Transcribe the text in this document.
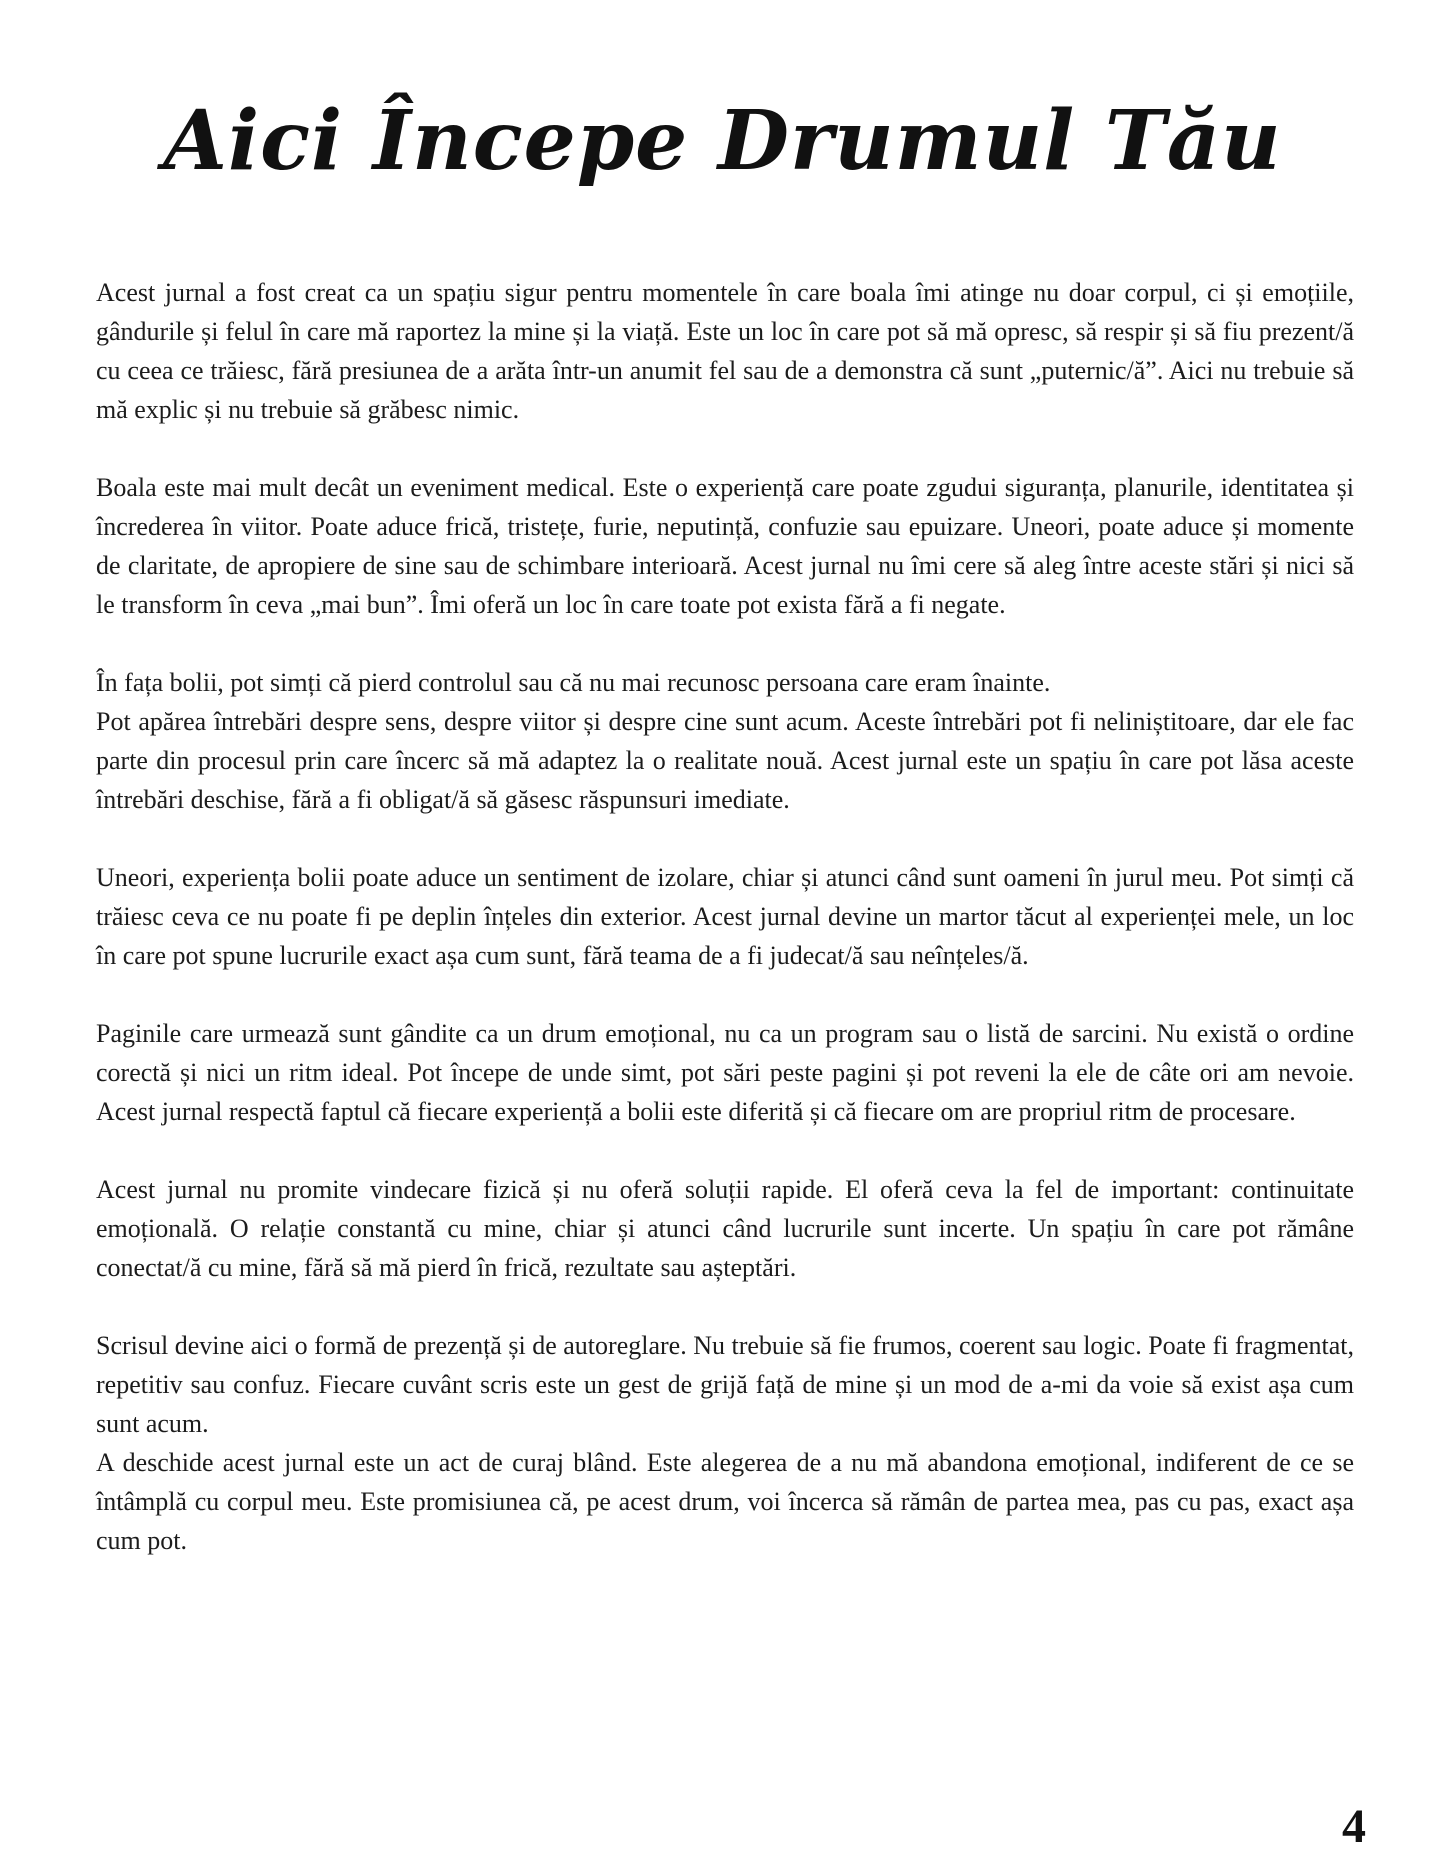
Aici Începe Drumul Tău

Acest jurnal a fost creat ca un spațiu sigur pentru momentele în care boala îmi atinge nu doar corpul, ci și emoțiile, gândurile și felul în care mă raportez la mine și la viață. Este un loc în care pot să mă opresc, să respir și să fiu prezent/ă cu ceea ce trăiesc, fără presiunea de a arăta într-un anumit fel sau de a demonstra că sunt „puternic/ă”. Aici nu trebuie să mă explic și nu trebuie să grăbesc nimic.

Boala este mai mult decât un eveniment medical. Este o experiență care poate zgudui siguranța, planurile, identitatea și încrederea în viitor. Poate aduce frică, tristețe, furie, neputință, confuzie sau epuizare. Uneori, poate aduce și momente de claritate, de apropiere de sine sau de schimbare interioară. Acest jurnal nu îmi cere să aleg între aceste stări și nici să le transform în ceva „mai bun”. Îmi oferă un loc în care toate pot exista fără a fi negate.

În fața bolii, pot simți că pierd controlul sau că nu mai recunosc persoana care eram înainte.
Pot apărea întrebări despre sens, despre viitor și despre cine sunt acum. Aceste întrebări pot fi neliniștitoare, dar ele fac parte din procesul prin care încerc să mă adaptez la o realitate nouă. Acest jurnal este un spațiu în care pot lăsa aceste întrebări deschise, fără a fi obligat/ă să găsesc răspunsuri imediate.

Uneori, experiența bolii poate aduce un sentiment de izolare, chiar și atunci când sunt oameni în jurul meu. Pot simți că trăiesc ceva ce nu poate fi pe deplin înțeles din exterior. Acest jurnal devine un martor tăcut al experienței mele, un loc în care pot spune lucrurile exact așa cum sunt, fără teama de a fi judecat/ă sau neînțeles/ă.

Paginile care urmează sunt gândite ca un drum emoțional, nu ca un program sau o listă de sarcini. Nu există o ordine corectă și nici un ritm ideal. Pot începe de unde simt, pot sări peste pagini și pot reveni la ele de câte ori am nevoie. Acest jurnal respectă faptul că fiecare experiență a bolii este diferită și că fiecare om are propriul ritm de procesare.

Acest jurnal nu promite vindecare fizică și nu oferă soluții rapide. El oferă ceva la fel de important: continuitate emoțională. O relație constantă cu mine, chiar și atunci când lucrurile sunt incerte. Un spațiu în care pot rămâne conectat/ă cu mine, fără să mă pierd în frică, rezultate sau așteptări.

Scrisul devine aici o formă de prezență și de autoreglare. Nu trebuie să fie frumos, coerent sau logic. Poate fi fragmentat, repetitiv sau confuz. Fiecare cuvânt scris este un gest de grijă față de mine și un mod de a-mi da voie să exist așa cum sunt acum.
A deschide acest jurnal este un act de curaj blând. Este alegerea de a nu mă abandona emoțional, indiferent de ce se întâmplă cu corpul meu. Este promisiunea că, pe acest drum, voi încerca să rămân de partea mea, pas cu pas, exact așa cum pot.

4
